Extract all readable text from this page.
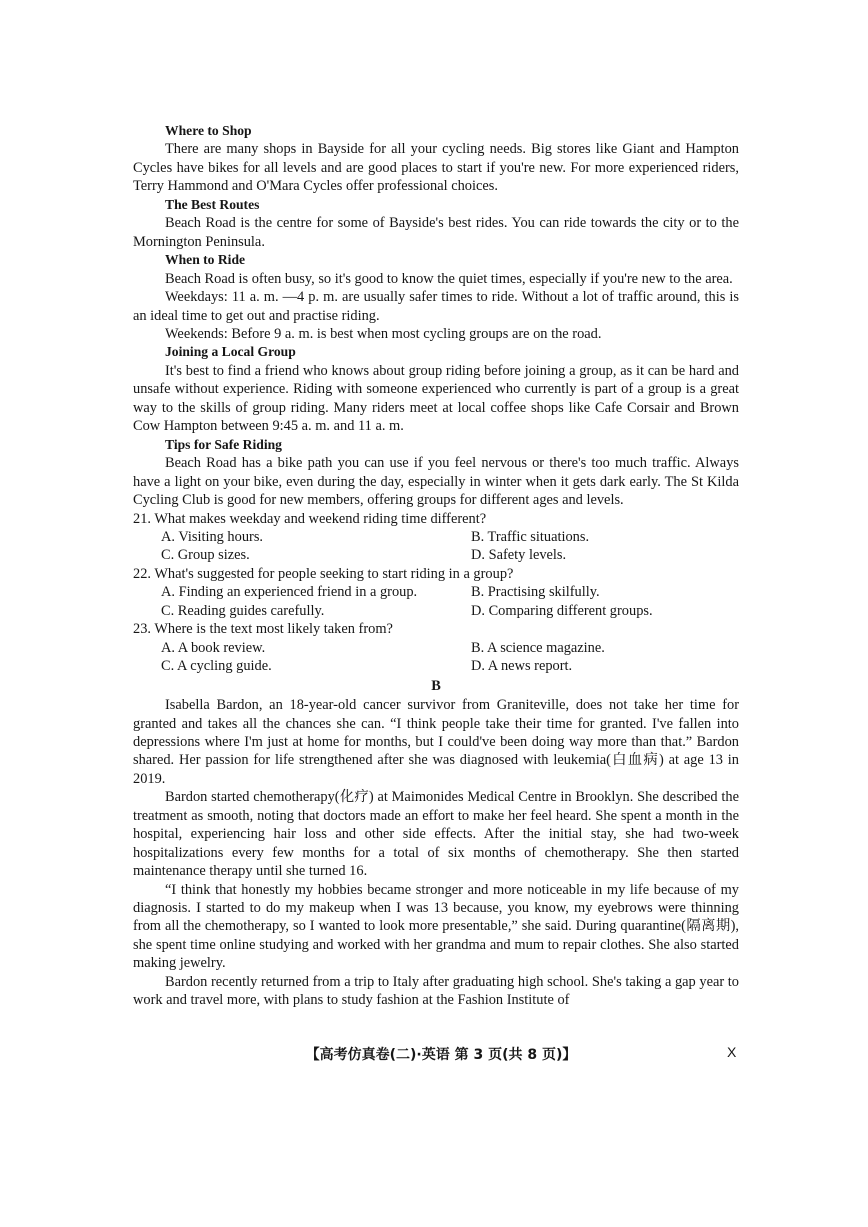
Where to Shop

There are many shops in Bayside for all your cycling needs. Big stores like Giant and Hampton Cycles have bikes for all levels and are good places to start if you're new. For more experienced riders, Terry Hammond and O'Mara Cycles offer professional choices.

The Best Routes

Beach Road is the centre for some of Bayside's best rides. You can ride towards the city or to the Mornington Peninsula.

When to Ride

Beach Road is often busy, so it's good to know the quiet times, especially if you're new to the area.

Weekdays: 11 a. m. —4 p. m. are usually safer times to ride. Without a lot of traffic around, this is an ideal time to get out and practise riding.

Weekends: Before 9 a. m. is best when most cycling groups are on the road.

Joining a Local Group

It's best to find a friend who knows about group riding before joining a group, as it can be hard and unsafe without experience. Riding with someone experienced who currently is part of a group is a great way to the skills of group riding. Many riders meet at local coffee shops like Cafe Corsair and Brown Cow Hampton between 9:45 a. m. and 11 a. m.

Tips for Safe Riding

Beach Road has a bike path you can use if you feel nervous or there's too much traffic. Always have a light on your bike, even during the day, especially in winter when it gets dark early. The St Kilda Cycling Club is good for new members, offering groups for different ages and levels.

21. What makes weekday and weekend riding time different?

A. Visiting hours.	B. Traffic situations.

C. Group sizes.	D. Safety levels.

22. What's suggested for people seeking to start riding in a group?

A. Finding an experienced friend in a group.	B. Practising skilfully.

C. Reading guides carefully.	D. Comparing different groups.

23. Where is the text most likely taken from?

A. A book review.	B. A science magazine.

C. A cycling guide.	D. A news report.

B

Isabella Bardon, an 18-year-old cancer survivor from Graniteville, does not take her time for granted and takes all the chances she can. “I think people take their time for granted. I've fallen into depressions where I'm just at home for months, but I could've been doing way more than that.” Bardon shared. Her passion for life strengthened after she was diagnosed with leukemia(白血病) at age 13 in 2019.

Bardon started chemotherapy(化疗) at Maimonides Medical Centre in Brooklyn. She described the treatment as smooth, noting that doctors made an effort to make her feel heard. She spent a month in the hospital, experiencing hair loss and other side effects. After the initial stay, she had two-week hospitalizations every few months for a total of six months of chemotherapy. She then started maintenance therapy until she turned 16.

“I think that honestly my hobbies became stronger and more noticeable in my life because of my diagnosis. I started to do my makeup when I was 13 because, you know, my eyebrows were thinning from all the chemotherapy, so I wanted to look more presentable,” she said. During quarantine(隔离期), she spent time online studying and worked with her grandma and mum to repair clothes. She also started making jewelry.

Bardon recently returned from a trip to Italy after graduating high school. She's taking a gap year to work and travel more, with plans to study fashion at the Fashion Institute of

【高考仿真卷(二)·英语 第 3 页(共 8 页)】	X
